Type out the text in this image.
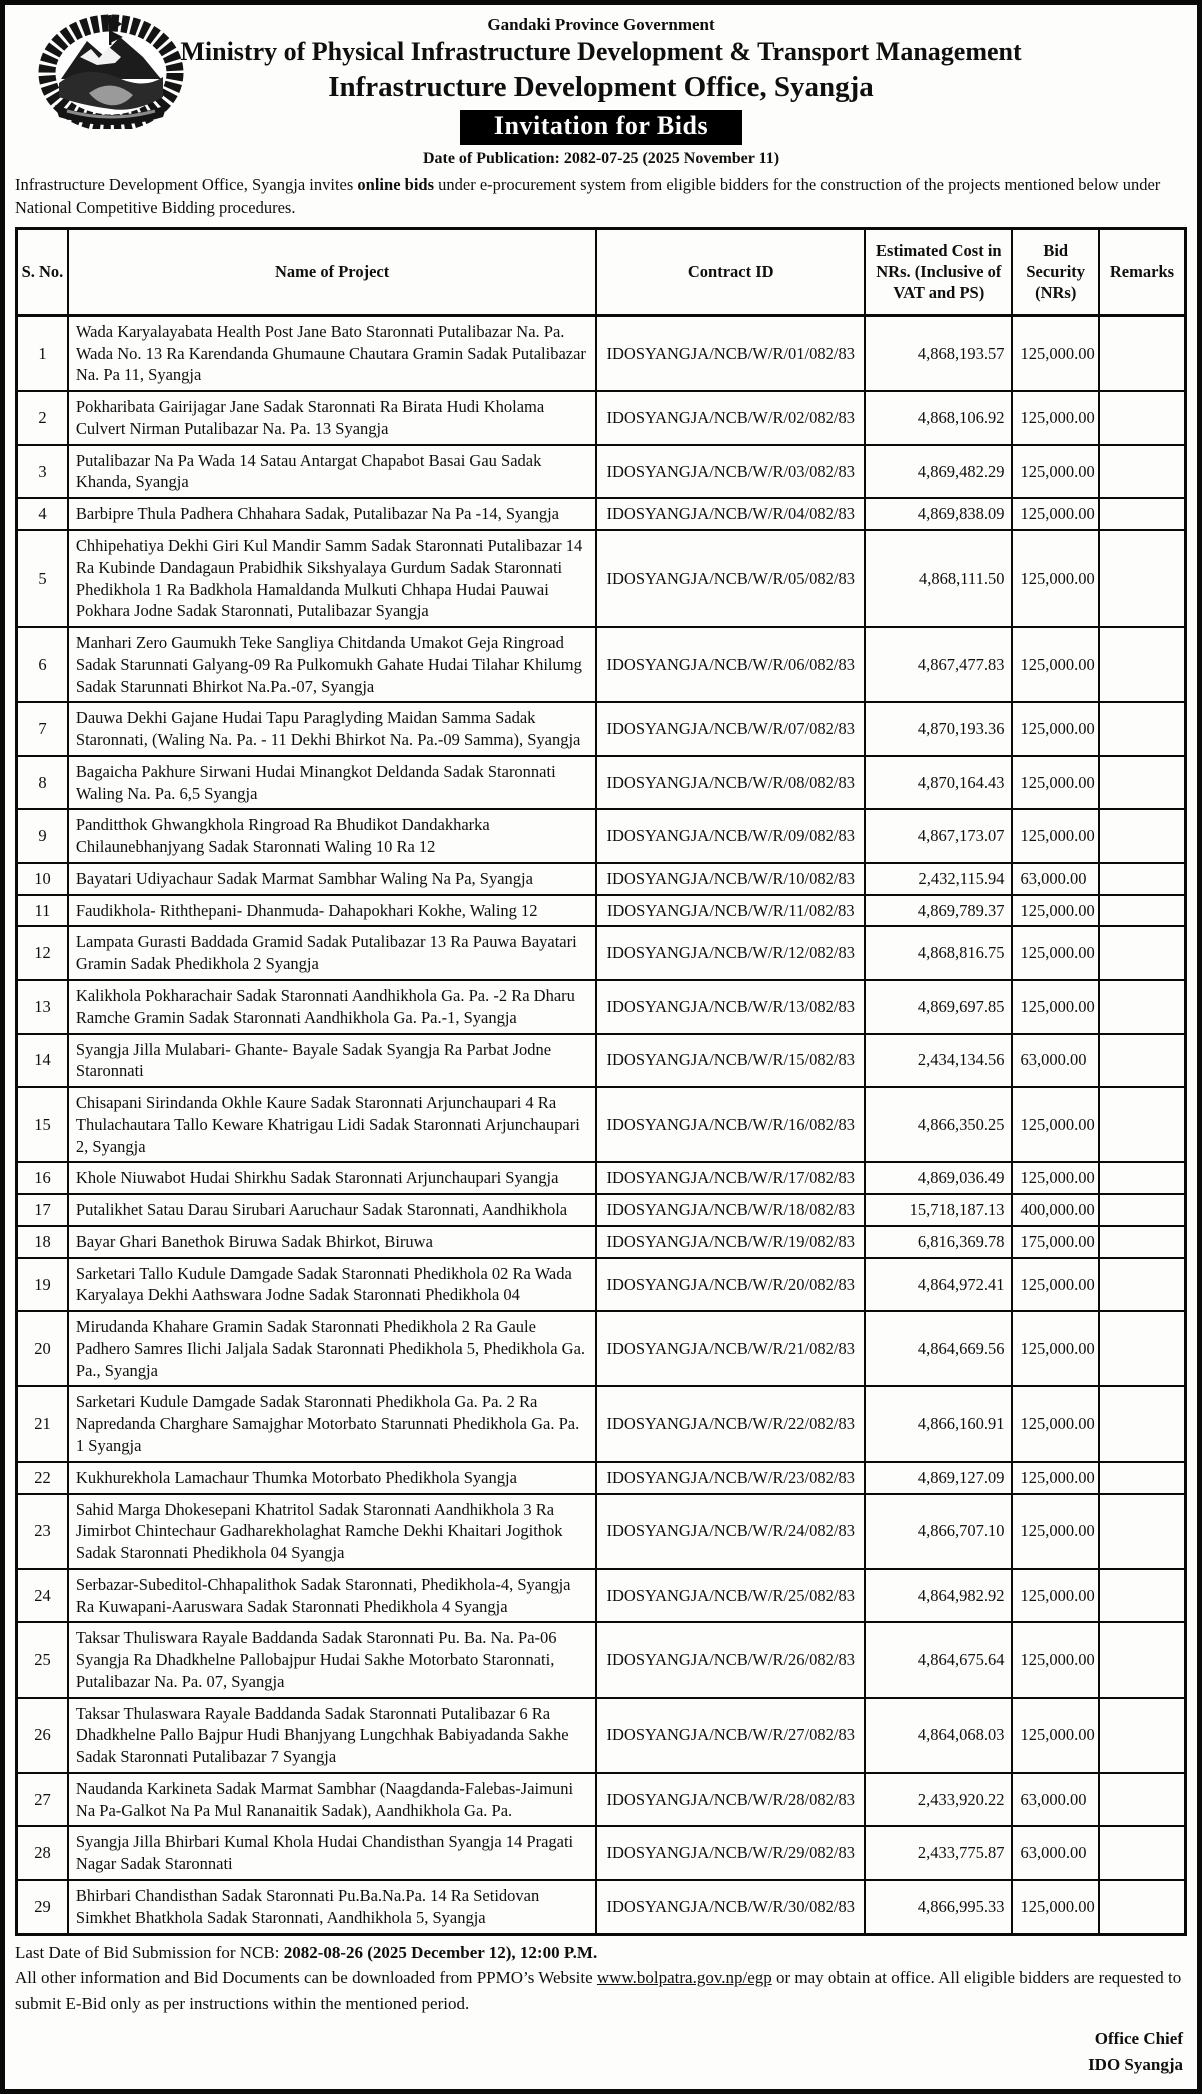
Gandaki Province Government
Ministry of Physical Infrastructure Development & Transport Management
Infrastructure Development Office, Syangja
Invitation for Bids
Date of Publication: 2082-07-25 (2025 November 11)
Infrastructure Development Office, Syangja invites online bids under e-procurement system from eligible bidders for the construction of the projects mentioned below under National Competitive Bidding procedures.
S. No.	Name of Project	Contract ID	Estimated Cost in NRs. (Inclusive of VAT and PS)	Bid Security (NRs)	Remarks
1	Wada Karyalayabata Health Post Jane Bato Staronnati Putalibazar Na. Pa. Wada No. 13 Ra Karendanda Ghumaune Chautara Gramin Sadak Putalibazar Na. Pa 11, Syangja	IDOSYANGJA/NCB/W/R/01/082/83	4,868,193.57	125,000.00	
2	Pokharibata Gairijagar Jane Sadak Staronnati Ra Birata Hudi Kholama Culvert Nirman Putalibazar Na. Pa. 13 Syangja	IDOSYANGJA/NCB/W/R/02/082/83	4,868,106.92	125,000.00	
3	Putalibazar Na Pa Wada 14 Satau Antargat Chapabot Basai Gau Sadak Khanda, Syangja	IDOSYANGJA/NCB/W/R/03/082/83	4,869,482.29	125,000.00	
4	Barbipre Thula Padhera Chhahara Sadak, Putalibazar Na Pa -14, Syangja	IDOSYANGJA/NCB/W/R/04/082/83	4,869,838.09	125,000.00	
5	Chhipehatiya Dekhi Giri Kul Mandir Samm Sadak Staronnati Putalibazar 14 Ra Kubinde Dandagaun Prabidhik Sikshyalaya Gurdum Sadak Staronnati Phedikhola 1 Ra Badkhola Hamaldanda Mulkuti Chhapa Hudai Pauwai Pokhara Jodne Sadak Staronnati, Putalibazar Syangja	IDOSYANGJA/NCB/W/R/05/082/83	4,868,111.50	125,000.00	
6	Manhari Zero Gaumukh Teke Sangliya Chitdanda Umakot Geja Ringroad Sadak Starunnati Galyang-09 Ra Pulkomukh Gahate Hudai Tilahar Khilumg Sadak Starunnati Bhirkot Na.Pa.-07, Syangja	IDOSYANGJA/NCB/W/R/06/082/83	4,867,477.83	125,000.00	
7	Dauwa Dekhi Gajane Hudai Tapu Paraglyding Maidan Samma Sadak Staronnati, (Waling Na. Pa. - 11 Dekhi Bhirkot Na. Pa.-09 Samma), Syangja	IDOSYANGJA/NCB/W/R/07/082/83	4,870,193.36	125,000.00	
8	Bagaicha Pakhure Sirwani Hudai Minangkot Deldanda Sadak Staronnati Waling Na. Pa. 6,5 Syangja	IDOSYANGJA/NCB/W/R/08/082/83	4,870,164.43	125,000.00	
9	Panditthok Ghwangkhola Ringroad Ra Bhudikot Dandakharka Chilaunebhanjyang Sadak Staronnati Waling 10 Ra 12	IDOSYANGJA/NCB/W/R/09/082/83	4,867,173.07	125,000.00	
10	Bayatari Udiyachaur Sadak Marmat Sambhar Waling Na Pa, Syangja	IDOSYANGJA/NCB/W/R/10/082/83	2,432,115.94	63,000.00	
11	Faudikhola- Riththepani- Dhanmuda- Dahapokhari Kokhe, Waling 12	IDOSYANGJA/NCB/W/R/11/082/83	4,869,789.37	125,000.00	
12	Lampata Gurasti Baddada Gramid Sadak Putalibazar 13 Ra Pauwa Bayatari Gramin Sadak Phedikhola 2 Syangja	IDOSYANGJA/NCB/W/R/12/082/83	4,868,816.75	125,000.00	
13	Kalikhola Pokharachair Sadak Staronnati Aandhikhola Ga. Pa. -2 Ra Dharu Ramche Gramin Sadak Staronnati Aandhikhola Ga. Pa.-1, Syangja	IDOSYANGJA/NCB/W/R/13/082/83	4,869,697.85	125,000.00	
14	Syangja Jilla Mulabari- Ghante- Bayale Sadak Syangja Ra Parbat Jodne Staronnati	IDOSYANGJA/NCB/W/R/15/082/83	2,434,134.56	63,000.00	
15	Chisapani Sirindanda Okhle Kaure Sadak Staronnati Arjunchaupari 4 Ra Thulachautara Tallo Keware Khatrigau Lidi Sadak Staronnati Arjunchaupari 2, Syangja	IDOSYANGJA/NCB/W/R/16/082/83	4,866,350.25	125,000.00	
16	Khole Niuwabot Hudai Shirkhu Sadak Staronnati Arjunchaupari Syangja	IDOSYANGJA/NCB/W/R/17/082/83	4,869,036.49	125,000.00	
17	Putalikhet Satau Darau Sirubari Aaruchaur Sadak Staronnati, Aandhikhola	IDOSYANGJA/NCB/W/R/18/082/83	15,718,187.13	400,000.00	
18	Bayar Ghari Banethok Biruwa Sadak Bhirkot, Biruwa	IDOSYANGJA/NCB/W/R/19/082/83	6,816,369.78	175,000.00	
19	Sarketari Tallo Kudule Damgade Sadak Staronnati Phedikhola 02 Ra Wada Karyalaya Dekhi Aathswara Jodne Sadak Staronnati Phedikhola 04	IDOSYANGJA/NCB/W/R/20/082/83	4,864,972.41	125,000.00	
20	Mirudanda Khahare Gramin Sadak Staronnati Phedikhola 2 Ra Gaule Padhero Samres Ilichi Jaljala Sadak Staronnati Phedikhola 5, Phedikhola Ga. Pa., Syangja	IDOSYANGJA/NCB/W/R/21/082/83	4,864,669.56	125,000.00	
21	Sarketari Kudule Damgade Sadak Staronnati Phedikhola Ga. Pa. 2 Ra Napredanda Charghare Samajghar Motorbato Starunnati Phedikhola Ga. Pa. 1 Syangja	IDOSYANGJA/NCB/W/R/22/082/83	4,866,160.91	125,000.00	
22	Kukhurekhola Lamachaur Thumka Motorbato Phedikhola Syangja	IDOSYANGJA/NCB/W/R/23/082/83	4,869,127.09	125,000.00	
23	Sahid Marga Dhokesepani Khatritol Sadak Staronnati Aandhikhola 3 Ra Jimirbot Chintechaur Gadharekholaghat Ramche Dekhi Khaitari Jogithok Sadak Staronnati Phedikhola 04 Syangja	IDOSYANGJA/NCB/W/R/24/082/83	4,866,707.10	125,000.00	
24	Serbazar-Subeditol-Chhapalithok Sadak Staronnati, Phedikhola-4, Syangja Ra Kuwapani-Aaruswara Sadak Staronnati Phedikhola 4 Syangja	IDOSYANGJA/NCB/W/R/25/082/83	4,864,982.92	125,000.00	
25	Taksar Thuliswara Rayale Baddanda Sadak Staronnati Pu. Ba. Na. Pa-06 Syangja Ra Dhadkhelne Pallobajpur Hudai Sakhe Motorbato Staronnati, Putalibazar Na. Pa. 07, Syangja	IDOSYANGJA/NCB/W/R/26/082/83	4,864,675.64	125,000.00	
26	Taksar Thulaswara Rayale Baddanda Sadak Staronnati Putalibazar 6 Ra Dhadkhelne Pallo Bajpur Hudi Bhanjyang Lungchhak Babiyadanda Sakhe Sadak Staronnati Putalibazar 7 Syangja	IDOSYANGJA/NCB/W/R/27/082/83	4,864,068.03	125,000.00	
27	Naudanda Karkineta Sadak Marmat Sambhar (Naagdanda-Falebas-Jaimuni Na Pa-Galkot Na Pa Mul Rananaitik Sadak), Aandhikhola Ga. Pa.	IDOSYANGJA/NCB/W/R/28/082/83	2,433,920.22	63,000.00	
28	Syangja Jilla Bhirbari Kumal Khola Hudai Chandisthan Syangja 14 Pragati Nagar Sadak Staronnati	IDOSYANGJA/NCB/W/R/29/082/83	2,433,775.87	63,000.00	
29	Bhirbari Chandisthan Sadak Staronnati Pu.Ba.Na.Pa. 14 Ra Setidovan Simkhet Bhatkhola Sadak Staronnati, Aandhikhola 5, Syangja	IDOSYANGJA/NCB/W/R/30/082/83	4,866,995.33	125,000.00	
Last Date of Bid Submission for NCB: 2082-08-26 (2025 December 12), 12:00 P.M.
All other information and Bid Documents can be downloaded from PPMO’s Website www.bolpatra.gov.np/egp or may obtain at office. All eligible bidders are requested to submit E-Bid only as per instructions within the mentioned period.
Office Chief
IDO Syangja
